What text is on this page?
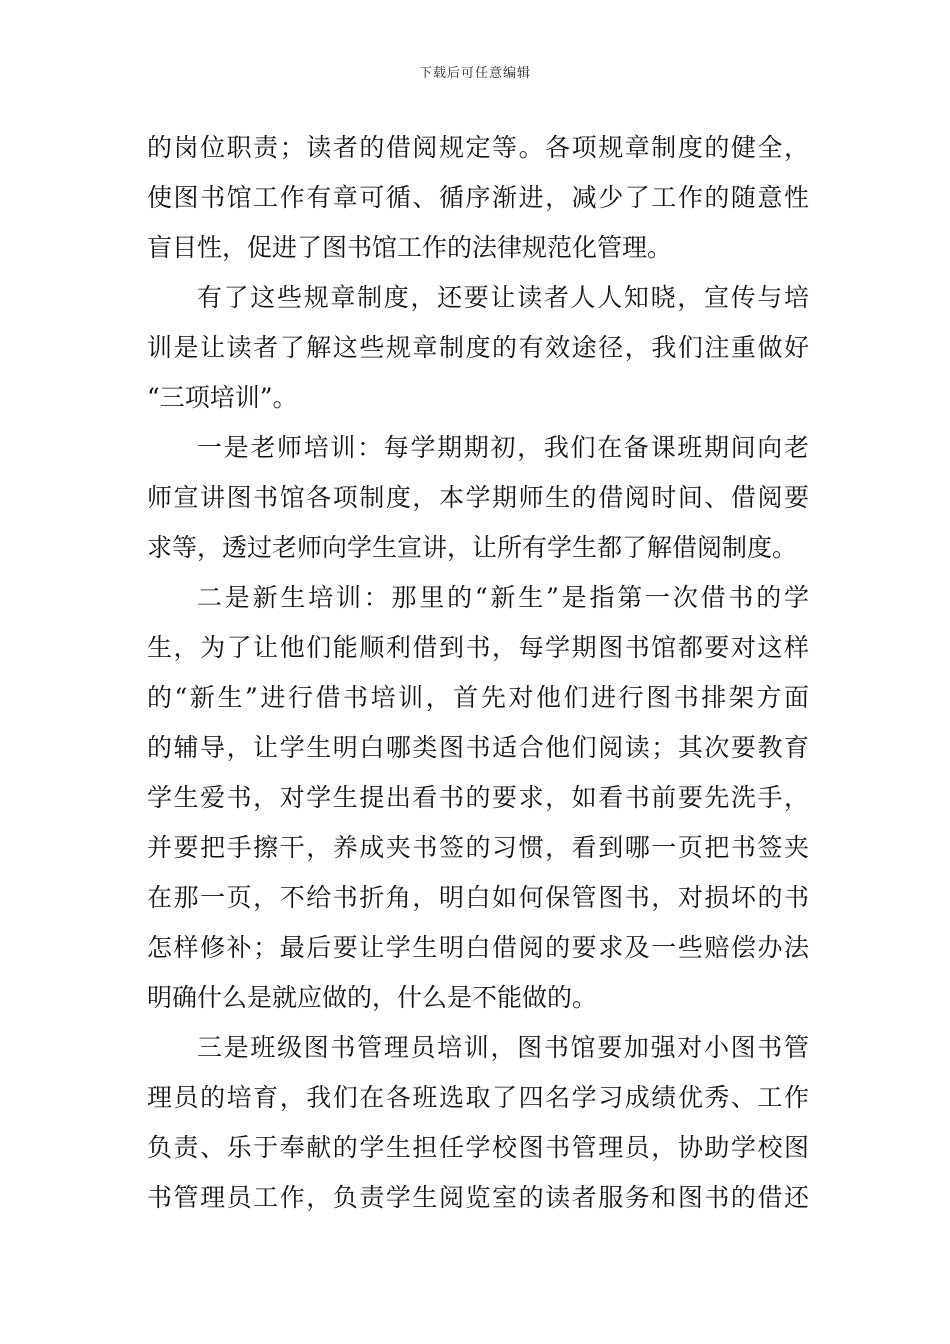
下载后可任意编辑
的岗位职责；读者的借阅规定等。各项规章制度的健全，
使图书馆工作有章可循、循序渐进，减少了工作的随意性
盲目性，促进了图书馆工作的法律规范化管理。
有了这些规章制度，还要让读者人人知晓，宣传与培
训是让读者了解这些规章制度的有效途径，我们注重做好
“三项培训”。
一是老师培训：每学期期初，我们在备课班期间向老
师宣讲图书馆各项制度，本学期师生的借阅时间、借阅要
求等，透过老师向学生宣讲，让所有学生都了解借阅制度。
二是新生培训：那里的“新生”是指第一次借书的学
生，为了让他们能顺利借到书，每学期图书馆都要对这样
的“新生”进行借书培训，首先对他们进行图书排架方面
的辅导，让学生明白哪类图书适合他们阅读；其次要教育
学生爱书，对学生提出看书的要求，如看书前要先洗手，
并要把手擦干，养成夹书签的习惯，看到哪一页把书签夹
在那一页，不给书折角，明白如何保管图书，对损坏的书
怎样修补；最后要让学生明白借阅的要求及一些赔偿办法
明确什么是就应做的，什么是不能做的。
三是班级图书管理员培训，图书馆要加强对小图书管
理员的培育，我们在各班选取了四名学习成绩优秀、工作
负责、乐于奉献的学生担任学校图书管理员，协助学校图
书管理员工作，负责学生阅览室的读者服务和图书的借还
